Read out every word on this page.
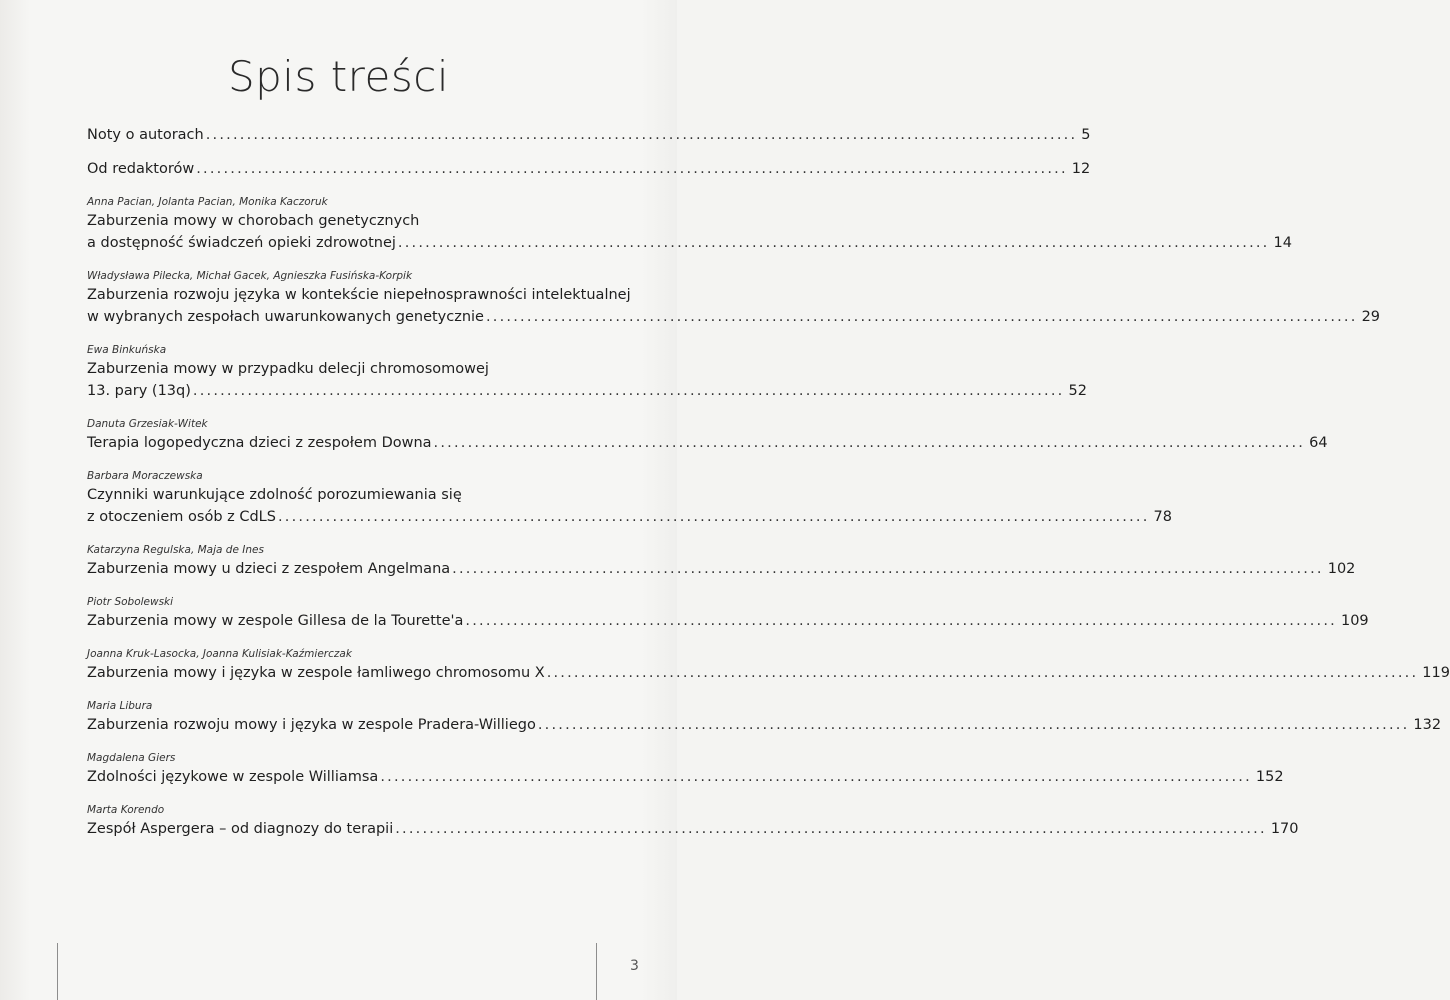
Spis treści
Noty o autorach ................................................................................................................................ 5
Od redaktorów ................................................................................................................................ 12
Anna Pacian, Jolanta Pacian, Monika Kaczoruk
Zaburzenia mowy w chorobach genetycznych
a dostępność świadczeń opieki zdrowotnej ................................................................................................................................ 14
Władysława Pilecka, Michał Gacek, Agnieszka Fusińska-Korpik
Zaburzenia rozwoju języka w kontekście niepełnosprawności intelektualnej
w wybranych zespołach uwarunkowanych genetycznie ................................................................................................................................ 29
Ewa Binkuńska
Zaburzenia mowy w przypadku delecji chromosomowej
13. pary (13q) ................................................................................................................................ 52
Danuta Grzesiak-Witek
Terapia logopedyczna dzieci z zespołem Downa ................................................................................................................................ 64
Barbara Moraczewska
Czynniki warunkujące zdolność porozumiewania się
z otoczeniem osób z CdLS ................................................................................................................................ 78
Katarzyna Regulska, Maja de Ines
Zaburzenia mowy u dzieci z zespołem Angelmana ................................................................................................................................ 102
Piotr Sobolewski
Zaburzenia mowy w zespole Gillesa de la Tourette'a ................................................................................................................................ 109
Joanna Kruk-Lasocka, Joanna Kulisiak-Kaźmierczak
Zaburzenia mowy i języka w zespole łamliwego chromosomu X ................................................................................................................................ 119
Maria Libura
Zaburzenia rozwoju mowy i języka w zespole Pradera-Williego ................................................................................................................................ 132
Magdalena Giers
Zdolności językowe w zespole Williamsa ................................................................................................................................ 152
Marta Korendo
Zespół Aspergera – od diagnozy do terapii ................................................................................................................................ 170
3
